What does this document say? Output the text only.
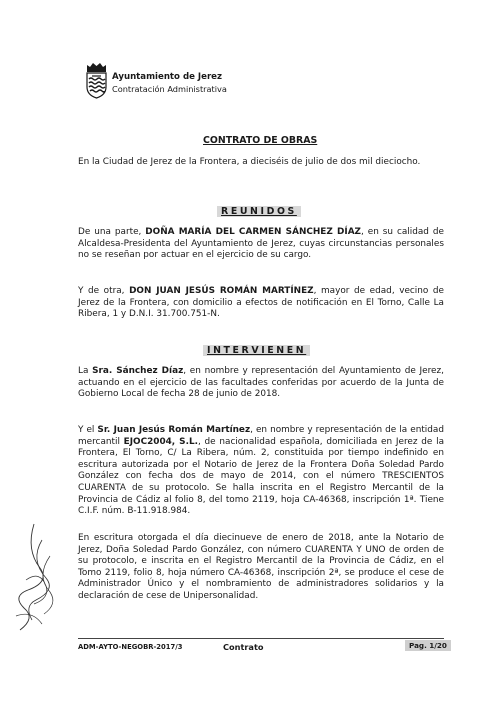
Ayuntamiento de Jerez
Contratación Administrativa
CONTRATO DE OBRAS

En la Ciudad de Jerez de la Frontera, a dieciséis de julio de dos mil dieciocho.

REUNIDOS

De una parte, DOÑA MARÍA DEL CARMEN SÁNCHEZ DÍAZ, en su calidad de Alcaldesa-Presidenta del Ayuntamiento de Jerez, cuyas circunstancias personales no se reseñan por actuar en el ejercicio de su cargo.

Y de otra, DON JUAN JESÚS ROMÁN MARTÍNEZ, mayor de edad, vecino de Jerez de la Frontera, con domicilio a efectos de notificación en El Torno, Calle La Ribera, 1 y D.N.I. 31.700.751-N.

INTERVIENEN

La Sra. Sánchez Díaz, en nombre y representación del Ayuntamiento de Jerez, actuando en el ejercicio de las facultades conferidas por acuerdo de la Junta de Gobierno Local de fecha 28 de junio de 2018.

Y el Sr. Juan Jesús Román Martínez, en nombre y representación de la entidad mercantil EJOC2004, S.L., de nacionalidad española, domiciliada en Jerez de la Frontera, El Torno, C/ La Ribera, núm. 2, constituida por tiempo indefinido en escritura autorizada por el Notario de Jerez de la Frontera Doña Soledad Pardo González con fecha dos de mayo de 2014, con el número TRESCIENTOS CUARENTA de su protocolo. Se halla inscrita en el Registro Mercantil de la Provincia de Cádiz al folio 8, del tomo 2119, hoja CA-46368, inscripción 1ª. Tiene C.I.F. núm. B-11.918.984.

En escritura otorgada el día diecinueve de enero de 2018, ante la Notario de Jerez, Doña Soledad Pardo González, con número CUARENTA Y UNO de orden de su protocolo, e inscrita en el Registro Mercantil de la Provincia de Cádiz, en el Tomo 2119, folio 8, hoja número CA-46368, inscripción 2ª, se produce el cese de Administrador Único y el nombramiento de administradores solidarios y la declaración de cese de Unipersonalidad.

ADM-AYTO-NEGOBR-2017/3	Contrato	Pag. 1/20
